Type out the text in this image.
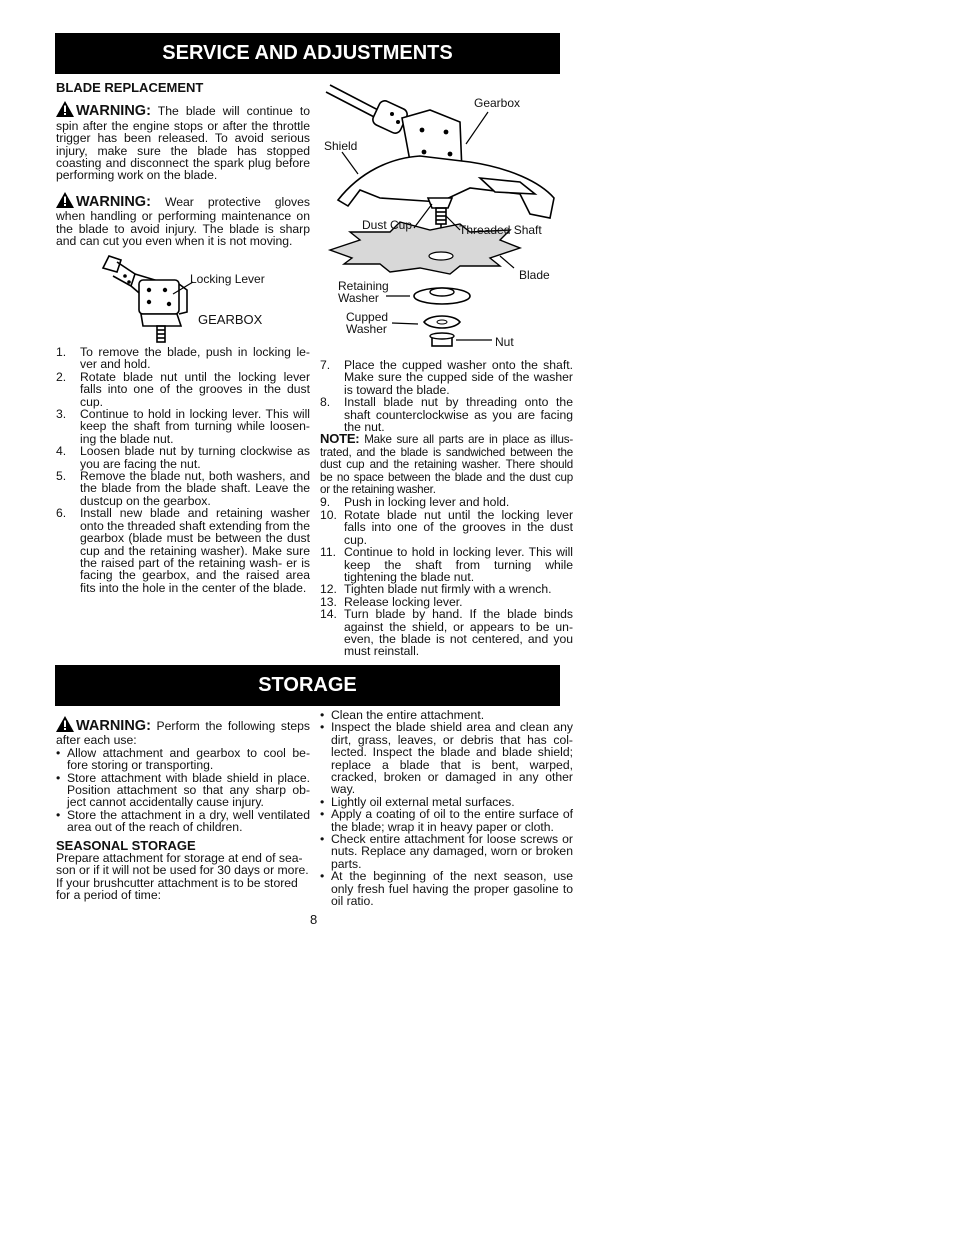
SERVICE AND ADJUSTMENTS
BLADE REPLACEMENT

WARNING: The blade will continue to spin after the engine stops or after the throttle trigger has been released. To avoid serious injury, make sure the blade has stopped coasting and disconnect the spark plug before performing work on the blade.

WARNING: Wear protective gloves when handling or performing maintenance on the blade to avoid injury. The blade is sharp and can cut you even when it is not moving.

Locking Lever
GEARBOX
1.	To remove the blade, push in locking le- ver and hold.
2.	Rotate blade nut until the locking lever falls into one of the grooves in the dust cup.
3.	Continue to hold in locking lever. This will keep the shaft from turning while loosen- ing the blade nut.
4.	Loosen blade nut by turning clockwise as you are facing the nut.
5.	Remove the blade nut, both washers, and the blade from the blade shaft. Leave the dustcup on the gearbox.
6.	Install new blade and retaining washer onto the threaded shaft extending from the gearbox (blade must be between the dust cup and the retaining washer). Make sure the raised part of the retaining wash- er is facing the gearbox, and the raised area fits into the hole in the center of the blade.
Gearbox
Shield
Dust Cup	Threaded Shaft
Blade
Retaining
Washer
Cupped
Washer
Nut
7.	Place the cupped washer onto the shaft. Make sure the cupped side of the washer is toward the blade.
8.	Install blade nut by threading onto the shaft counterclockwise as you are facing the nut.
NOTE: Make sure all parts are in place as illus- trated, and the blade is sandwiched between the dust cup and the retaining washer. There should be no space between the blade and the dust cup or the retaining washer.
9.	Push in locking lever and hold.
10. Rotate blade nut until the locking lever falls into one of the grooves in the dust cup.
11. Continue to hold in locking lever. This will keep the shaft from turning while tightening the blade nut.
12. Tighten blade nut firmly with a wrench.
13. Release locking lever.
14. Turn blade by hand. If the blade binds against the shield, or appears to be un- even, the blade is not centered, and you must reinstall.
STORAGE

WARNING: Perform the following steps after each use:

• Allow attachment and gearbox to cool be- fore storing or transporting.
• Store attachment with blade shield in place. Position attachment so that any sharp ob- ject cannot accidentally cause injury.
• Store the attachment in a dry, well ventilated area out of the reach of children.
SEASONAL STORAGE
Prepare attachment for storage at end of sea- son or if it will not be used for 30 days or more. If your brushcutter attachment is to be stored for a period of time:
• Clean the entire attachment.
• Inspect the blade shield area and clean any dirt, grass, leaves, or debris that has col- lected. Inspect the blade and blade shield; replace a blade that is bent, warped, cracked, broken or damaged in any other way.
• Lightly oil external metal surfaces.
• Apply a coating of oil to the entire surface of the blade; wrap it in heavy paper or cloth.
• Check entire attachment for loose screws or nuts. Replace any damaged, worn or broken parts.
• At the beginning of the next season, use only fresh fuel having the proper gasoline to oil ratio.
8
